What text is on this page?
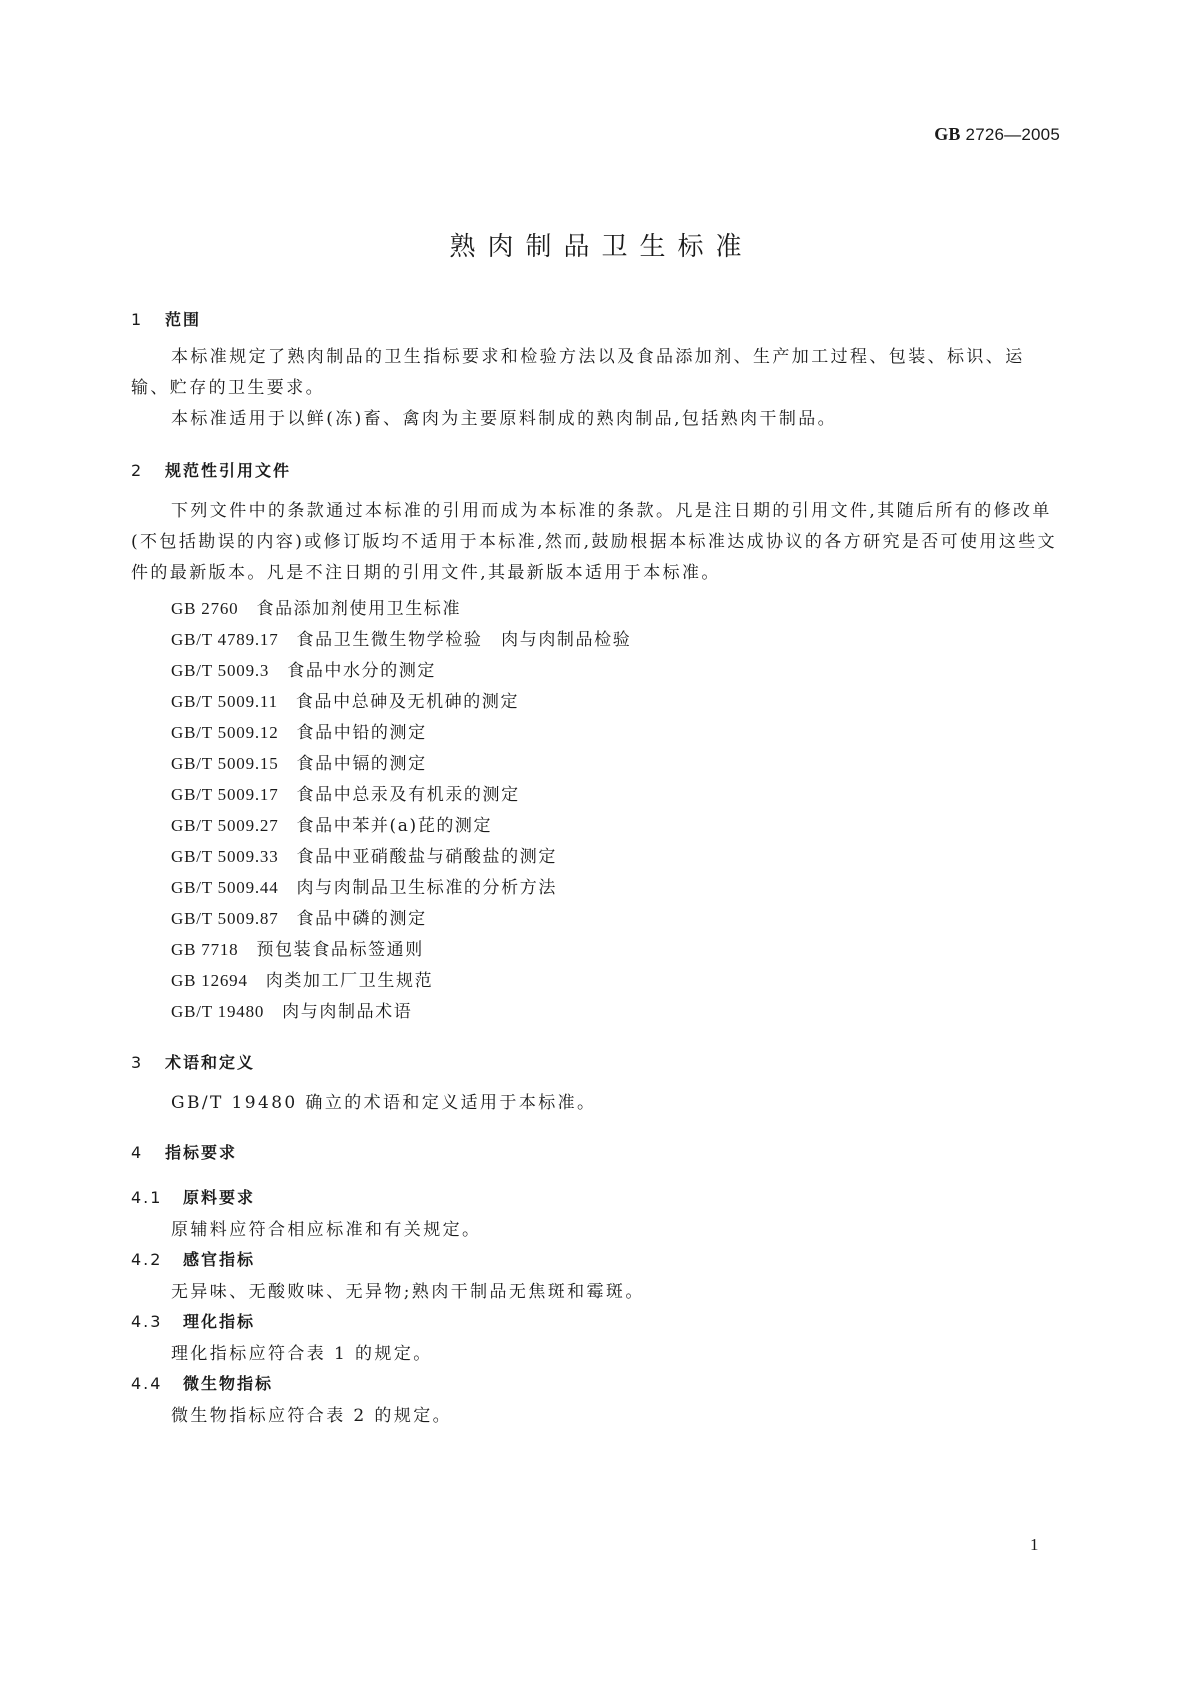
GB 2726—2005
熟肉制品卫生标准
1 范围
本标准规定了熟肉制品的卫生指标要求和检验方法以及食品添加剂、生产加工过程、包装、标识、运输、贮存的卫生要求。
本标准适用于以鲜(冻)畜、禽肉为主要原料制成的熟肉制品,包括熟肉干制品。
2 规范性引用文件
下列文件中的条款通过本标准的引用而成为本标准的条款。凡是注日期的引用文件,其随后所有的修改单(不包括勘误的内容)或修订版均不适用于本标准,然而,鼓励根据本标准达成协议的各方研究是否可使用这些文件的最新版本。凡是不注日期的引用文件,其最新版本适用于本标准。
GB 2760 食品添加剂使用卫生标准
GB/T 4789.17 食品卫生微生物学检验　肉与肉制品检验
GB/T 5009.3 食品中水分的测定
GB/T 5009.11 食品中总砷及无机砷的测定
GB/T 5009.12 食品中铅的测定
GB/T 5009.15 食品中镉的测定
GB/T 5009.17 食品中总汞及有机汞的测定
GB/T 5009.27 食品中苯并(a)芘的测定
GB/T 5009.33 食品中亚硝酸盐与硝酸盐的测定
GB/T 5009.44 肉与肉制品卫生标准的分析方法
GB/T 5009.87 食品中磷的测定
GB 7718 预包装食品标签通则
GB 12694 肉类加工厂卫生规范
GB/T 19480 肉与肉制品术语
3 术语和定义
GB/T 19480 确立的术语和定义适用于本标准。
4 指标要求
4.1 原料要求
原辅料应符合相应标准和有关规定。
4.2 感官指标
无异味、无酸败味、无异物;熟肉干制品无焦斑和霉斑。
4.3 理化指标
理化指标应符合表 1 的规定。
4.4 微生物指标
微生物指标应符合表 2 的规定。
1
